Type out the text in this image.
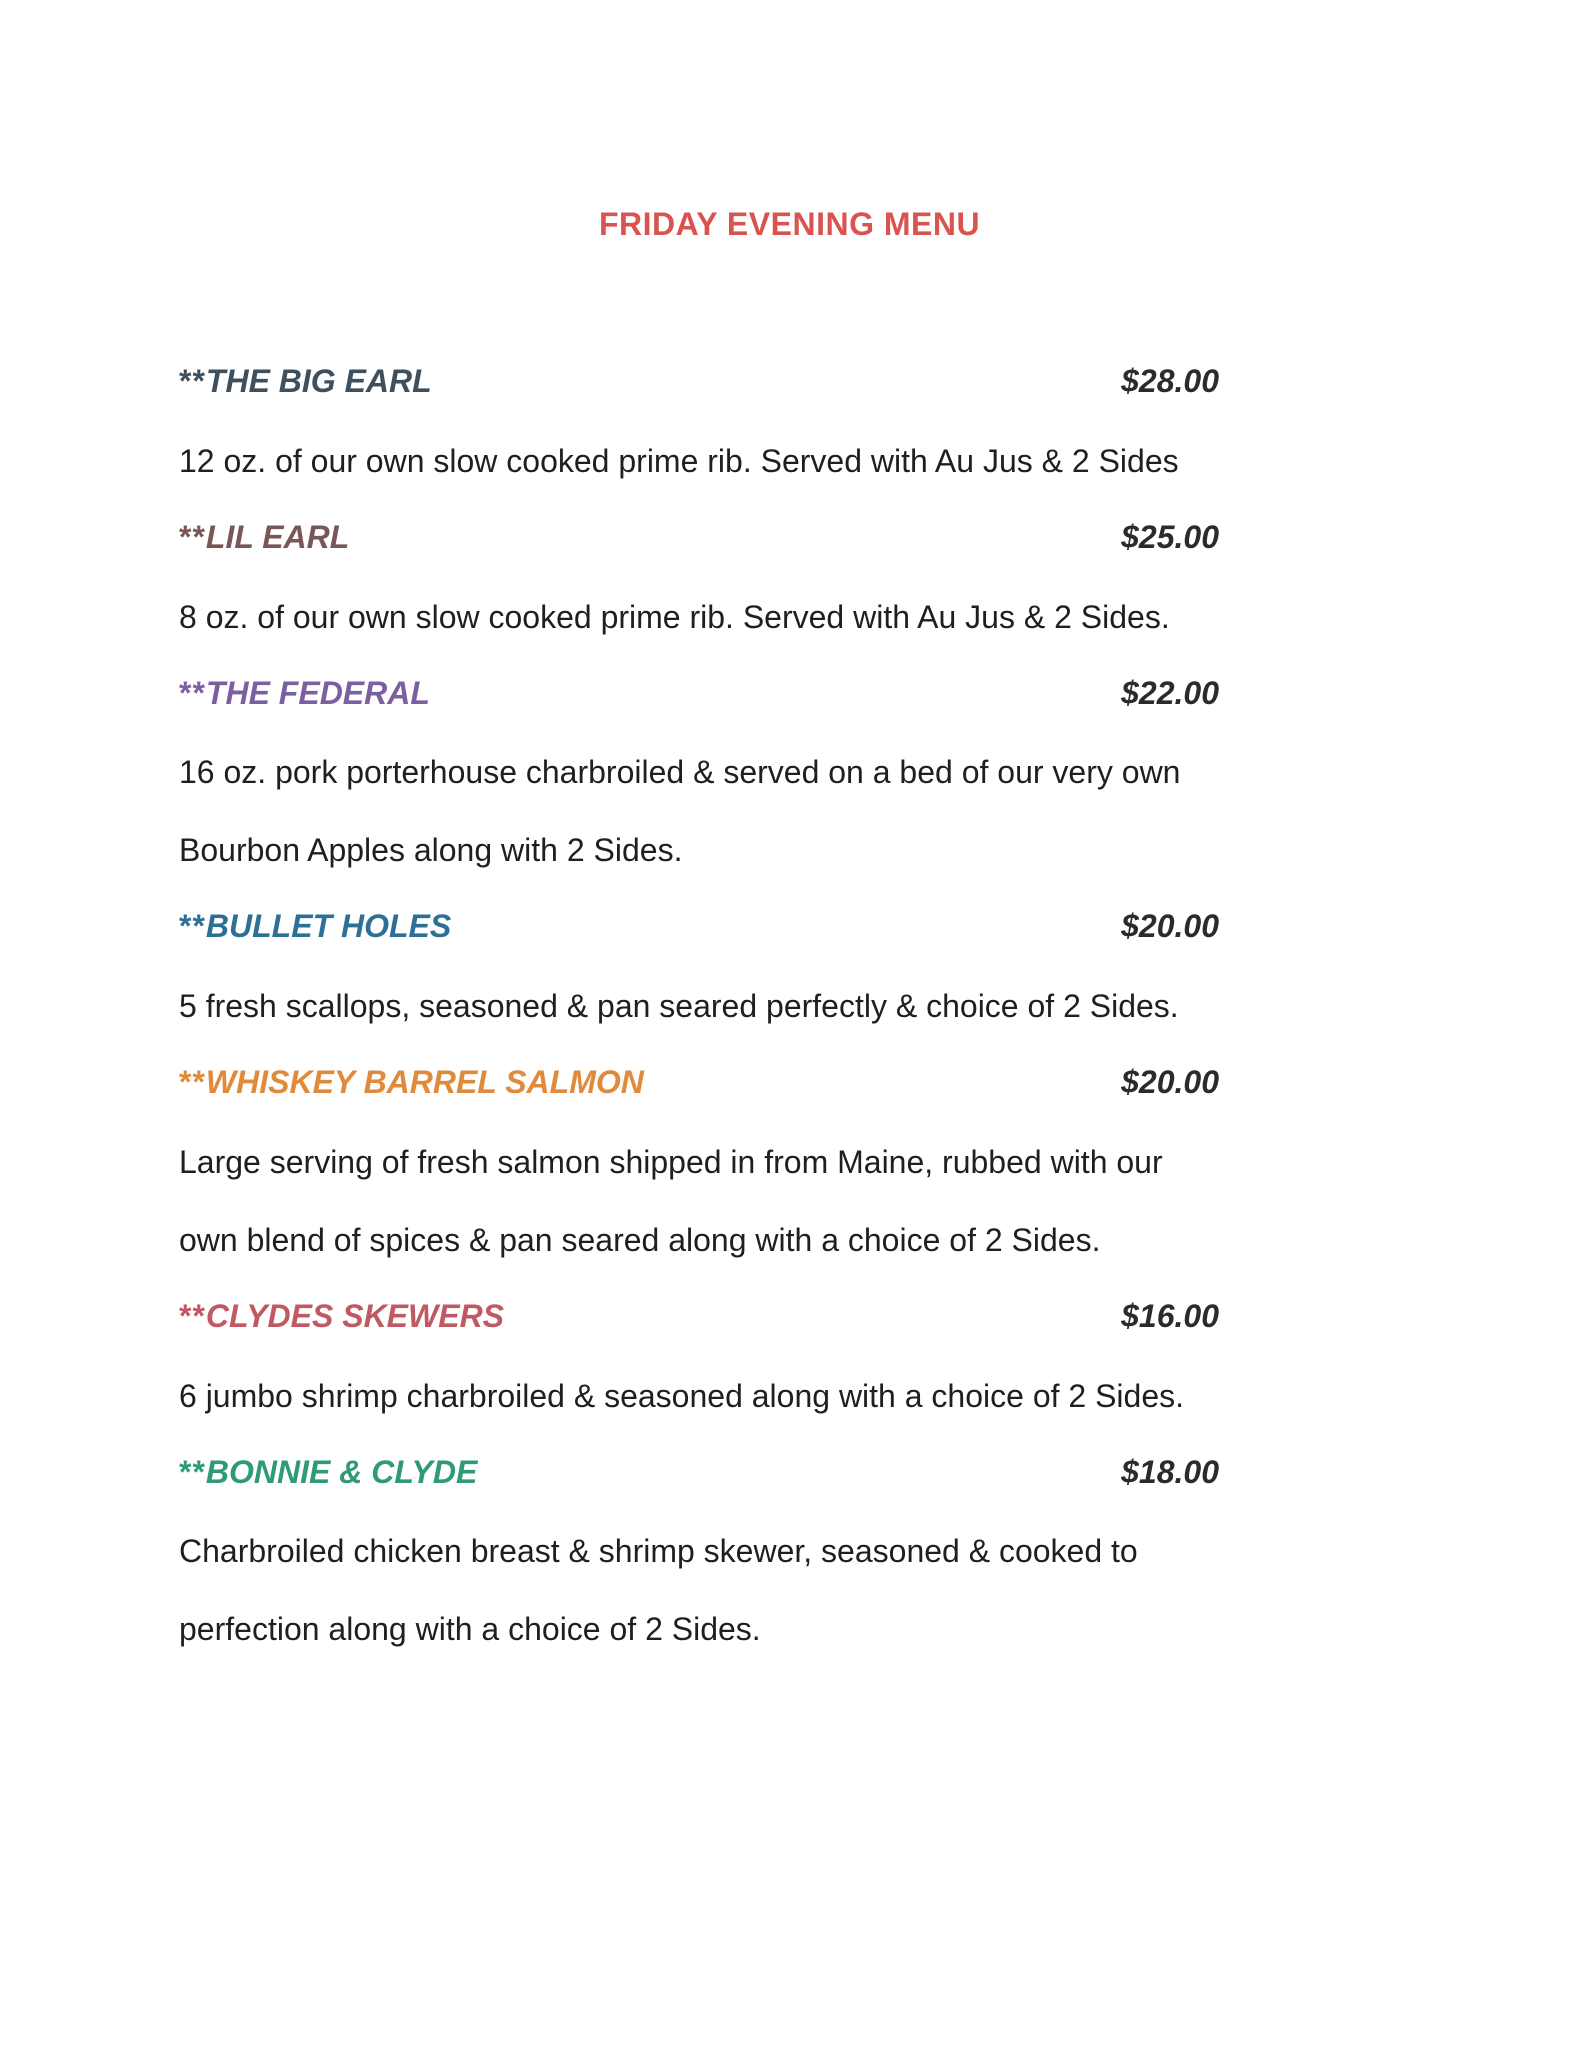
FRIDAY EVENING MENU
**THE BIG EARL	$28.00
12 oz. of our own slow cooked prime rib. Served with Au Jus & 2 Sides
**LIL EARL	$25.00
8 oz. of our own slow cooked prime rib. Served with Au Jus & 2 Sides.
**THE FEDERAL	$22.00
16 oz. pork porterhouse charbroiled & served on a bed of our very own
Bourbon Apples along with 2 Sides.
**BULLET HOLES	$20.00
5 fresh scallops, seasoned & pan seared perfectly & choice of 2 Sides.
**WHISKEY BARREL SALMON	$20.00
Large serving of fresh salmon shipped in from Maine, rubbed with our
own blend of spices & pan seared along with a choice of 2 Sides.
**CLYDES SKEWERS	$16.00
6 jumbo shrimp charbroiled & seasoned along with a choice of 2 Sides.
**BONNIE & CLYDE	$18.00
Charbroiled chicken breast & shrimp skewer, seasoned & cooked to
perfection along with a choice of 2 Sides.
